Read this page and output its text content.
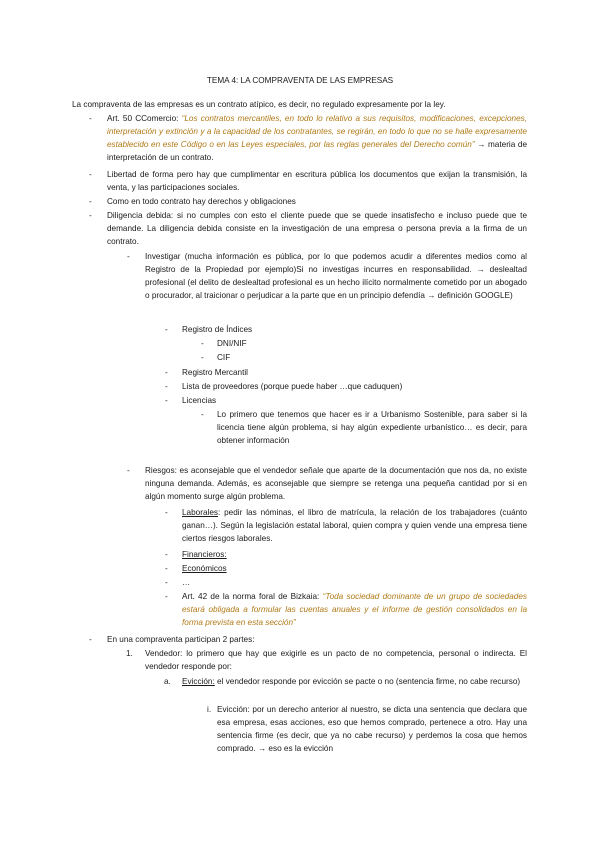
TEMA 4: LA COMPRAVENTA DE LAS EMPRESAS
La compraventa de las empresas es un contrato atípico, es decir, no regulado expresamente por la ley.
- Art. 50 CComercio: “Los contratos mercantiles, en todo lo relativo a sus requisitos, modificaciones, excepciones, interpretación y extinción y a la capacidad de los contratantes, se regirán, en todo lo que no se halle expresamente establecido en este Código o en las Leyes especiales, por las reglas generales del Derecho común” → materia de interpretación de un contrato.
- Libertad de forma pero hay que cumplimentar en escritura pública los documentos que exijan la transmisión, la venta, y las participaciones sociales.
- Como en todo contrato hay derechos y obligaciones
- Diligencia debida: si no cumples con esto el cliente puede que se quede insatisfecho e incluso puede que te demande. La diligencia debida consiste en la investigación de una empresa o persona previa a la firma de un contrato.
- Investigar (mucha información es pública, por lo que podemos acudir a diferentes medios como al Registro de la Propiedad por ejemplo)Si no investigas incurres en responsabilidad. → deslealtad profesional (el delito de deslealtad profesional es un hecho ilícito normalmente cometido por un abogado o procurador, al traicionar o perjudicar a la parte que en un principio defendía → definición GOOGLE)
- Registro de Índices
- DNI/NIF
- CIF
- Registro Mercantil
- Lista de proveedores (porque puede haber …que caduquen)
- Licencias
- Lo primero que tenemos que hacer es ir a Urbanismo Sostenible, para saber si la licencia tiene algún problema, si hay algún expediente urbanístico… es decir, para obtener información
- Riesgos: es aconsejable que el vendedor señale que aparte de la documentación que nos da, no existe ninguna demanda. Además, es aconsejable que siempre se retenga una pequeña cantidad por si en algún momento surge algún problema.
- Laborales: pedir las nóminas, el libro de matrícula, la relación de los trabajadores (cuánto ganan…). Según la legislación estatal laboral, quien compra y quien vende una empresa tiene ciertos riesgos laborales.
- Financieros:
- Económicos
- …
- Art. 42 de la norma foral de Bizkaia: “Toda sociedad dominante de un grupo de sociedades estará obligada a formular las cuentas anuales y el informe de gestión consolidados en la forma prevista en esta sección”
- En una compraventa participan 2 partes:
1. Vendedor: lo primero que hay que exigirle es un pacto de no competencia, personal o indirecta. El vendedor responde por:
a. Evicción: el vendedor responde por evicción se pacte o no (sentencia firme, no cabe recurso)
i. Evicción: por un derecho anterior al nuestro, se dicta una sentencia que declara que esa empresa, esas acciones, eso que hemos comprado, pertenece a otro. Hay una sentencia firme (es decir, que ya no cabe recurso) y perdemos la cosa que hemos comprado. → eso es la evicción
